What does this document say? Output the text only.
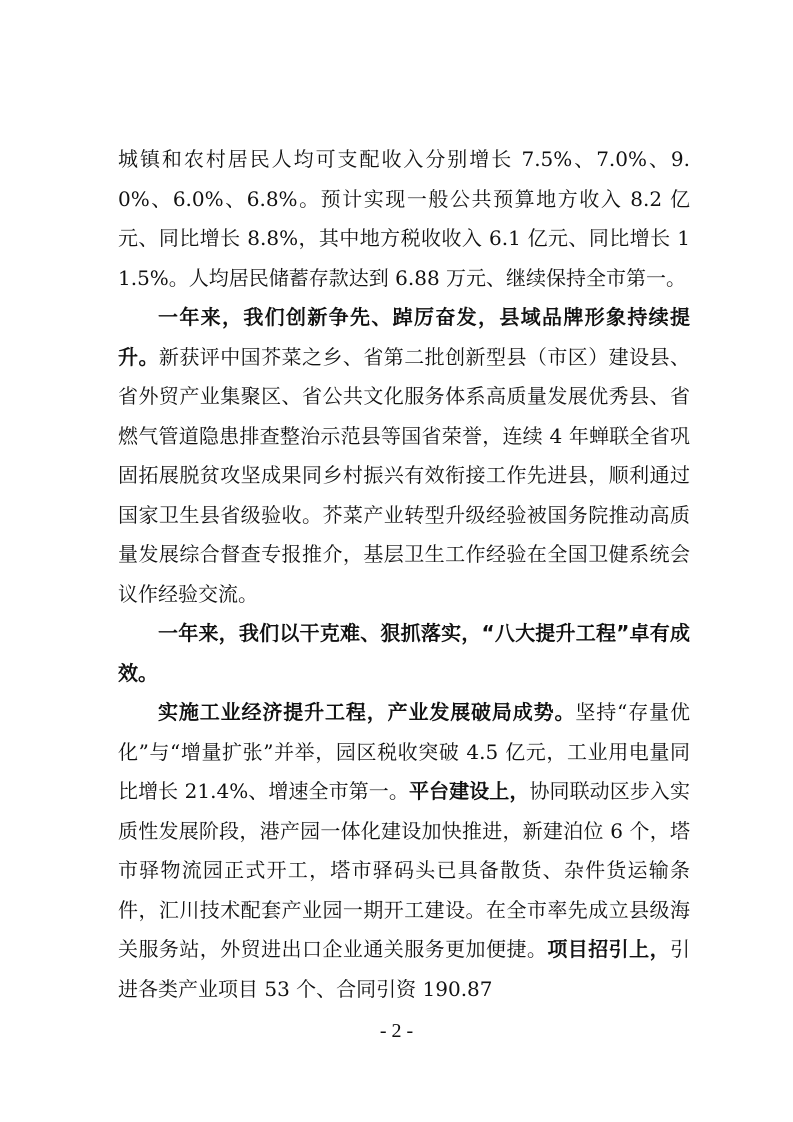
城镇和农村居民人均可支配收入分别增长 7.5%、7.0%、9.0%、6.0%、6.8%。预计实现一般公共预算地方收入 8.2 亿元、同比增长 8.8%，其中地方税收收入 6.1 亿元、同比增长 11.5%。人均居民储蓄存款达到 6.88 万元、继续保持全市第一。

一年来，我们创新争先、踔厉奋发，县域品牌形象持续提升。新获评中国芥菜之乡、省第二批创新型县（市区）建设县、省外贸产业集聚区、省公共文化服务体系高质量发展优秀县、省燃气管道隐患排查整治示范县等国省荣誉，连续 4 年蝉联全省巩固拓展脱贫攻坚成果同乡村振兴有效衔接工作先进县，顺利通过国家卫生县省级验收。芥菜产业转型升级经验被国务院推动高质量发展综合督查专报推介，基层卫生工作经验在全国卫健系统会议作经验交流。

一年来，我们以干克难、狠抓落实，“八大提升工程”卓有成效。

实施工业经济提升工程，产业发展破局成势。坚持“存量优化”与“增量扩张”并举，园区税收突破 4.5 亿元，工业用电量同比增长 21.4%、增速全市第一。平台建设上，协同联动区步入实质性发展阶段，港产园一体化建设加快推进，新建泊位 6 个，塔市驿物流园正式开工，塔市驿码头已具备散货、杂件货运输条件，汇川技术配套产业园一期开工建设。在全市率先成立县级海关服务站，外贸进出口企业通关服务更加便捷。项目招引上，引进各类产业项目 53 个、合同引资 190.87

- 2 -
